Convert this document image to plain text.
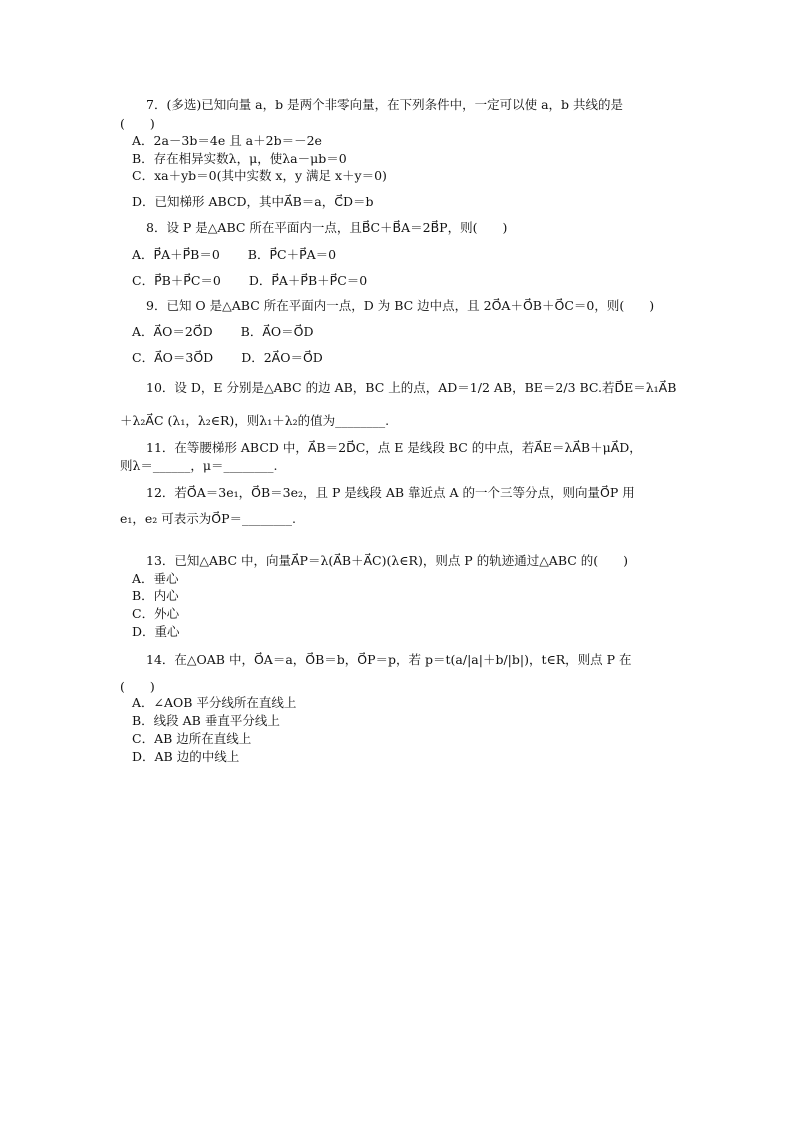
7．(多选)已知向量 a，b 是两个非零向量，在下列条件中，一定可以使 a，b 共线的是
(　　)
A．2a－3b＝4e 且 a＋2b＝－2e
B．存在相异实数λ，μ，使λa－μb＝0
C．xa＋yb＝0(其中实数 x，y 满足 x＋y＝0)
D．已知梯形 ABCD，其中A⃗B＝a，C⃗D＝b
8．设 P 是△ABC 所在平面内一点，且B⃗C＋B⃗A＝2B⃗P，则(　　)
A．P⃗A＋P⃗B＝0 B．P⃗C＋P⃗A＝0
C．P⃗B＋P⃗C＝0 D．P⃗A＋P⃗B＋P⃗C＝0
9．已知 O 是△ABC 所在平面内一点，D 为 BC 边中点，且 2O⃗A＋O⃗B＋O⃗C＝0，则(　　)
A．A⃗O＝2O⃗D B．A⃗O＝O⃗D
C．A⃗O＝3O⃗D D．2A⃗O＝O⃗D
10．设 D，E 分别是△ABC 的边 AB，BC 上的点，AD＝1/2 AB，BE＝2/3 BC.若D⃗E＝λ₁A⃗B
＋λ₂A⃗C (λ₁，λ₂∈R)，则λ₁＋λ₂的值为________.
11．在等腰梯形 ABCD 中，A⃗B＝2D⃗C，点 E 是线段 BC 的中点，若A⃗E＝λA⃗B＋μA⃗D，
则λ＝______，μ＝________.
12．若O⃗A＝3e₁，O⃗B＝3e₂，且 P 是线段 AB 靠近点 A 的一个三等分点，则向量O⃗P 用
e₁，e₂ 可表示为O⃗P＝________.
13．已知△ABC 中，向量A⃗P＝λ(A⃗B＋A⃗C)(λ∈R)，则点 P 的轨迹通过△ABC 的(　　)
A．垂心
B．内心
C．外心
D．重心
14．在△OAB 中，O⃗A＝a，O⃗B＝b，O⃗P＝p，若 p＝t(a/|a|＋b/|b|)，t∈R，则点 P 在
(　　)
A．∠AOB 平分线所在直线上
B．线段 AB 垂直平分线上
C．AB 边所在直线上
D．AB 边的中线上
